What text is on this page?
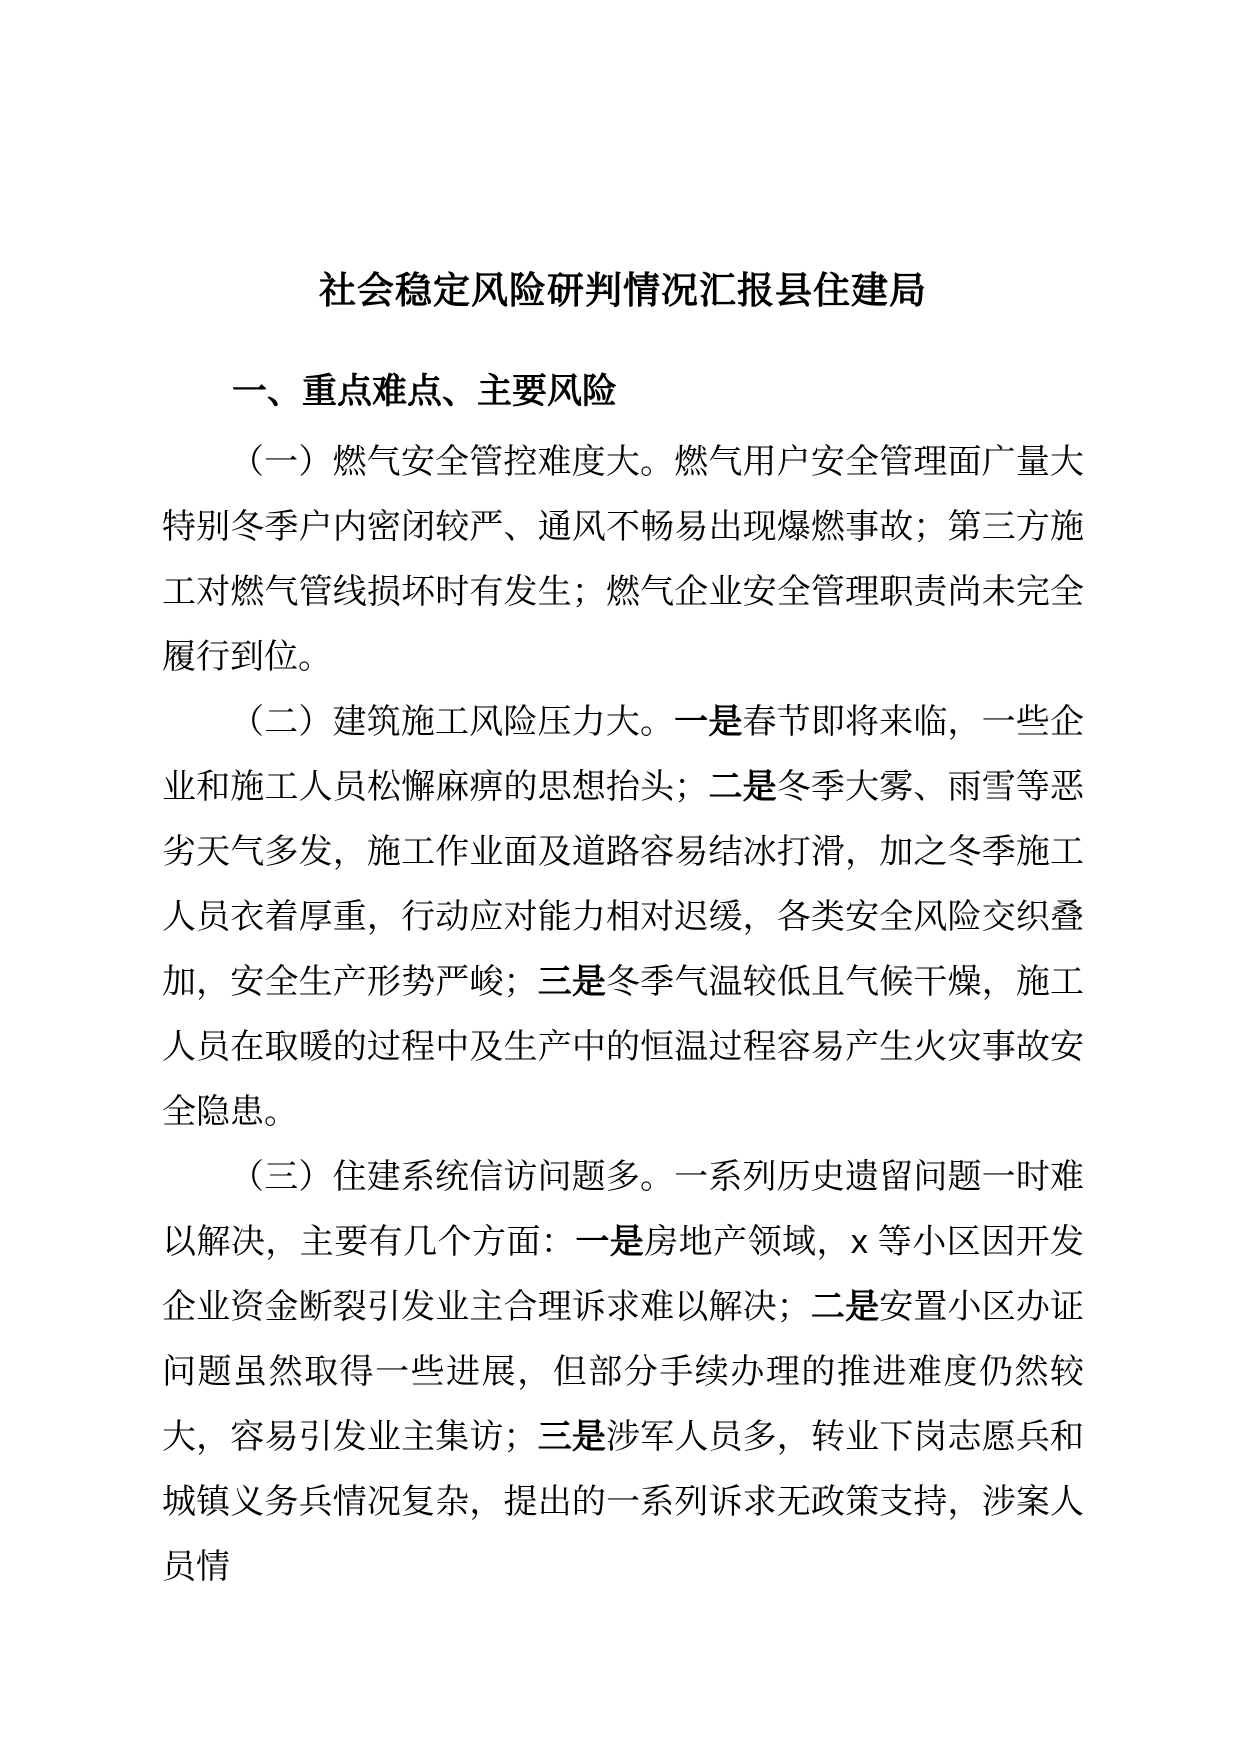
社会稳定风险研判情况汇报县住建局
一、重点难点、主要风险

（一）燃气安全管控难度大。燃气用户安全管理面广量大特别冬季户内密闭较严、通风不畅易出现爆燃事故；第三方施工对燃气管线损坏时有发生；燃气企业安全管理职责尚未完全履行到位。

（二）建筑施工风险压力大。一是春节即将来临，一些企业和施工人员松懈麻痹的思想抬头；二是冬季大雾、雨雪等恶劣天气多发，施工作业面及道路容易结冰打滑，加之冬季施工人员衣着厚重，行动应对能力相对迟缓，各类安全风险交织叠加，安全生产形势严峻；三是冬季气温较低且气候干燥，施工人员在取暖的过程中及生产中的恒温过程容易产生火灾事故安全隐患。

（三）住建系统信访问题多。一系列历史遗留问题一时难以解决，主要有几个方面：一是房地产领域，x 等小区因开发企业资金断裂引发业主合理诉求难以解决；二是安置小区办证问题虽然取得一些进展，但部分手续办理的推进难度仍然较大，容易引发业主集访；三是涉军人员多，转业下岗志愿兵和城镇义务兵情况复杂，提出的一系列诉求无政策支持，涉案人员情
